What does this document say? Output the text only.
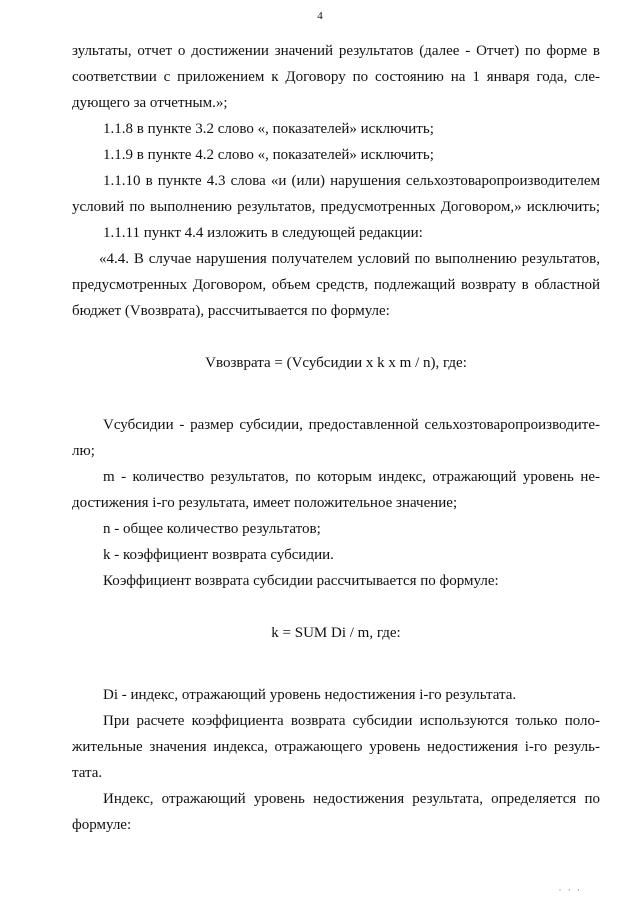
4
зультаты, отчет о достижении значений результатов (далее - Отчет) по форме в
соответствии с приложением к Договору по состоянию на 1 января года, сле-
дующего за отчетным.»;
1.1.8 в пункте 3.2 слово «, показателей» исключить;
1.1.9 в пункте 4.2 слово «, показателей» исключить;
1.1.10 в пункте 4.3 слова «и (или) нарушения сельхозтоваропроизводителем
условий по выполнению результатов, предусмотренных Договором,» исключить;
1.1.11 пункт 4.4 изложить в следующей редакции:
«4.4. В случае нарушения получателем условий по выполнению результатов,
предусмотренных Договором, объем средств, подлежащий возврату в областной
бюджет (Vвозврата), рассчитывается по формуле:
Vвозврата = (Vсубсидии x k x m / n), где:
Vсубсидии - размер субсидии, предоставленной сельхозтоваропроизводите-
лю;
m - количество результатов, по которым индекс, отражающий уровень не-
достижения i-го результата, имеет положительное значение;
n - общее количество результатов;
k - коэффициент возврата субсидии.
Коэффициент возврата субсидии рассчитывается по формуле:
k = SUM Di / m, где:
Di - индекс, отражающий уровень недостижения i-го результата.
При расчете коэффициента возврата субсидии используются только поло-
жительные значения индекса, отражающего уровень недостижения i-го резуль-
тата.
Индекс, отражающий уровень недостижения результата, определяется по
формуле:
· · ·
